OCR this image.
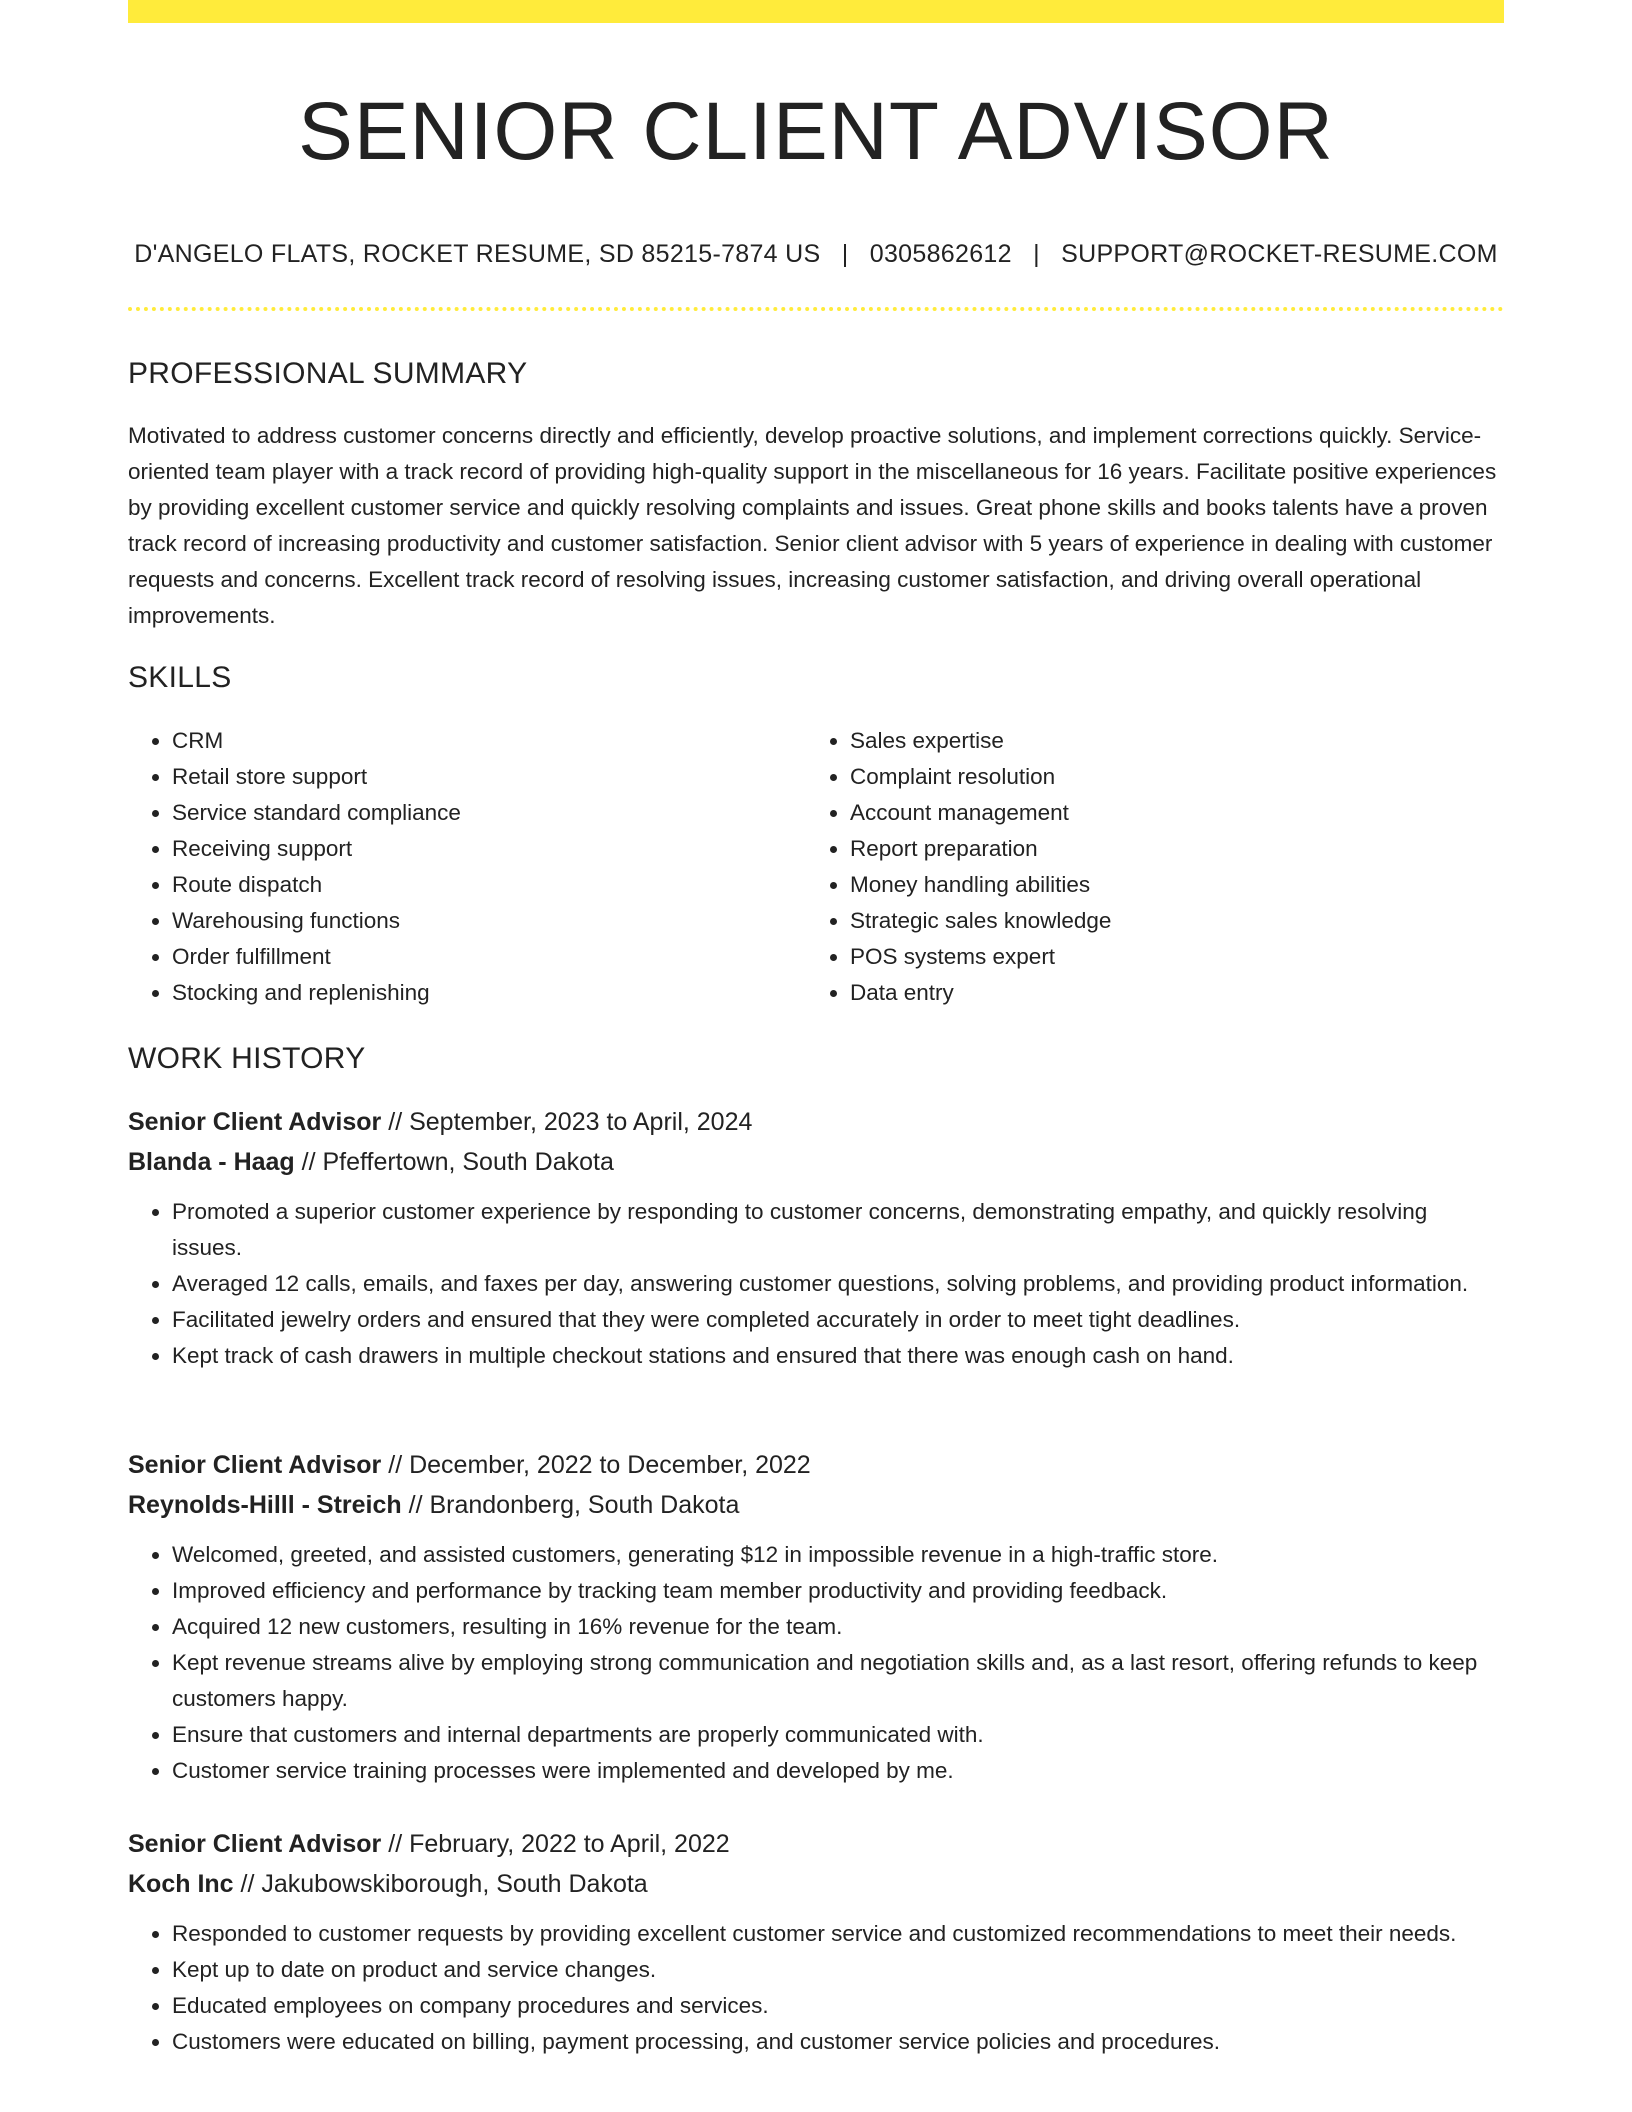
SENIOR CLIENT ADVISOR
D'ANGELO FLATS, ROCKET RESUME, SD 85215-7874 US | 0305862612 | SUPPORT@ROCKET-RESUME.COM
PROFESSIONAL SUMMARY

Motivated to address customer concerns directly and efficiently, develop proactive solutions, and implement corrections quickly. Service-oriented team player with a track record of providing high-quality support in the miscellaneous for 16 years. Facilitate positive experiences by providing excellent customer service and quickly resolving complaints and issues. Great phone skills and books talents have a proven track record of increasing productivity and customer satisfaction. Senior client advisor with 5 years of experience in dealing with customer requests and concerns. Excellent track record of resolving issues, increasing customer satisfaction, and driving overall operational improvements.

SKILLS
• CRM
• Retail store support
• Service standard compliance
• Receiving support
• Route dispatch
• Warehousing functions
• Order fulfillment
• Stocking and replenishing
• Sales expertise
• Complaint resolution
• Account management
• Report preparation
• Money handling abilities
• Strategic sales knowledge
• POS systems expert
• Data entry
WORK HISTORY

Senior Client Advisor // September, 2023 to April, 2024

Blanda - Haag // Pfeffertown, South Dakota

• Promoted a superior customer experience by responding to customer concerns, demonstrating empathy, and quickly resolving issues.
• Averaged 12 calls, emails, and faxes per day, answering customer questions, solving problems, and providing product information.
• Facilitated jewelry orders and ensured that they were completed accurately in order to meet tight deadlines.
• Kept track of cash drawers in multiple checkout stations and ensured that there was enough cash on hand.

Senior Client Advisor // December, 2022 to December, 2022

Reynolds-Hilll - Streich // Brandonberg, South Dakota

• Welcomed, greeted, and assisted customers, generating $12 in impossible revenue in a high-traffic store.
• Improved efficiency and performance by tracking team member productivity and providing feedback.
• Acquired 12 new customers, resulting in 16% revenue for the team.
• Kept revenue streams alive by employing strong communication and negotiation skills and, as a last resort, offering refunds to keep customers happy.
• Ensure that customers and internal departments are properly communicated with.
• Customer service training processes were implemented and developed by me.

Senior Client Advisor // February, 2022 to April, 2022

Koch Inc // Jakubowskiborough, South Dakota

• Responded to customer requests by providing excellent customer service and customized recommendations to meet their needs.
• Kept up to date on product and service changes.
• Educated employees on company procedures and services.
• Customers were educated on billing, payment processing, and customer service policies and procedures.
